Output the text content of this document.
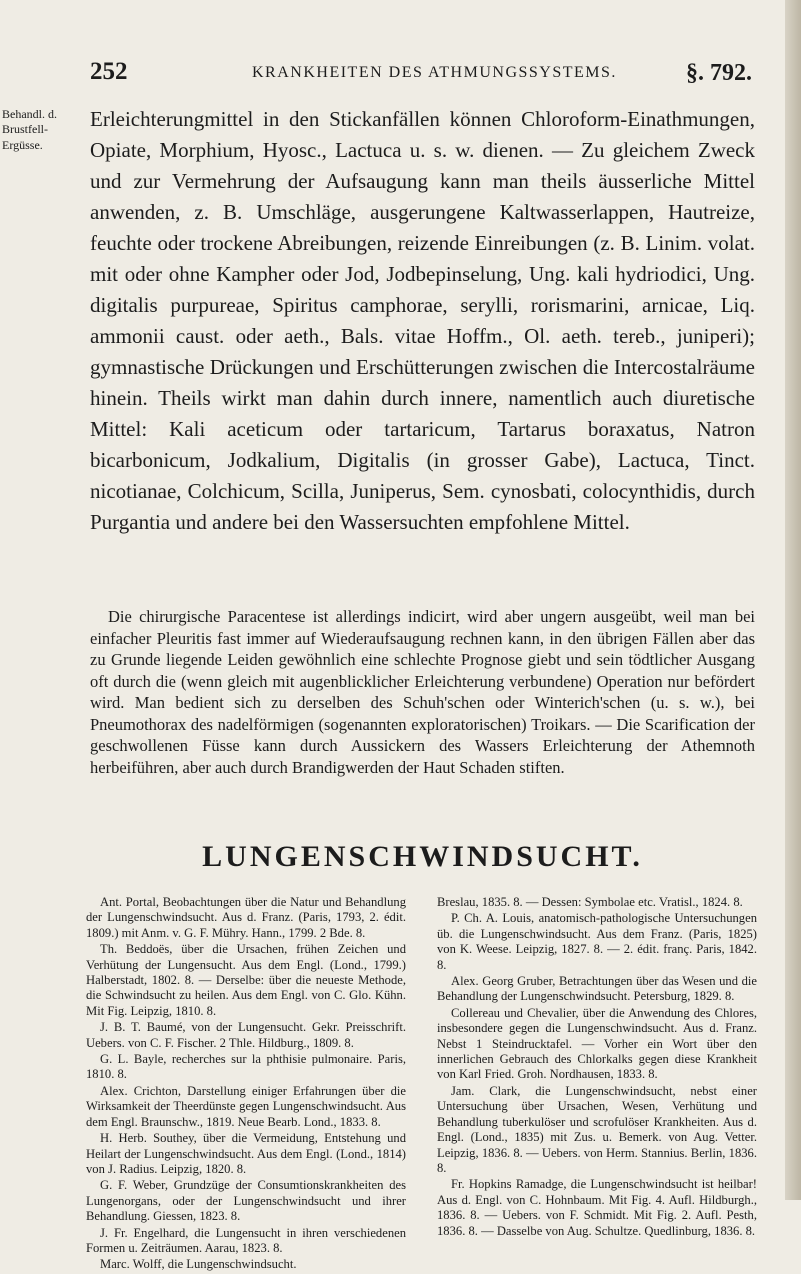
252	KRANKHEITEN DES ATHMUNGSSYSTEMS.	§. 792.
Behandl. d. Brustfell-
Ergüsse.

Erleichterungmittel in den Stickanfällen können Chloroform-Einathmungen, Opiate, Morphium, Hyosc., Lactuca u. s. w. dienen. — Zu gleichem Zweck und zur Vermehrung der Aufsaugung kann man theils äusserliche Mittel anwenden, z. B. Umschläge, ausgerungene Kaltwasserlappen, Hautreize, feuchte oder trockene Abreibungen, reizende Einreibungen (z. B. Linim. volat. mit oder ohne Kampher oder Jod, Jodbepinselung, Ung. kali hydriodici, Ung. digitalis purpureae, Spiritus camphorae, serylli, rorismarini, arnicae, Liq. ammonii caust. oder aeth., Bals. vitae Hoffm., Ol. aeth. tereb., juniperi); gymnastische Drückungen und Erschütterungen zwischen die Intercostalräume hinein. Theils wirkt man dahin durch innere, namentlich auch diuretische Mittel: Kali aceticum oder tartaricum, Tartarus boraxatus, Natron bicarbonicum, Jodkalium, Digitalis (in grosser Gabe), Lactuca, Tinct. nicotianae, Colchicum, Scilla, Juniperus, Sem. cynosbati, colocynthidis, durch Purgantia und andere bei den Wassersuchten empfohlene Mittel.

Die chirurgische Paracentese ist allerdings indicirt, wird aber ungern ausgeübt, weil man bei einfacher Pleuritis fast immer auf Wiederaufsaugung rechnen kann, in den übrigen Fällen aber das zu Grunde liegende Leiden gewöhnlich eine schlechte Prognose giebt und sein tödtlicher Ausgang oft durch die (wenn gleich mit augenblicklicher Erleichterung verbundene) Operation nur befördert wird. Man bedient sich zu derselben des Schuh'schen oder Winterich'schen (u. s. w.), bei Pneumothorax des nadelförmigen (sogenannten exploratorischen) Troikars. — Die Scarification der geschwollenen Füsse kann durch Aussickern des Wassers Erleichterung der Athemnoth herbeiführen, aber auch durch Brandigwerden der Haut Schaden stiften.

LUNGENSCHWINDSUCHT.

Ant. Portal, Beobachtungen über die Natur und Behandlung der Lungenschwindsucht. Aus d. Franz. (Paris, 1793, 2. édit. 1809.) mit Anm. v. G. F. Mühry. Hann., 1799. 2 Bde. 8.

Th. Beddoës, über die Ursachen, frühen Zeichen und Verhütung der Lungensucht. Aus dem Engl. (Lond., 1799.) Halberstadt, 1802. 8. — Derselbe: über die neueste Methode, die Schwindsucht zu heilen. Aus dem Engl. von C. Glo. Kühn. Mit Fig. Leipzig, 1810. 8.

J. B. T. Baumé, von der Lungensucht. Gekr. Preisschrift. Uebers. von C. F. Fischer. 2 Thle. Hildburg., 1809. 8.

G. L. Bayle, recherches sur la phthisie pulmonaire. Paris, 1810. 8.

Alex. Crichton, Darstellung einiger Erfahrungen über die Wirksamkeit der Theerdünste gegen Lungenschwindsucht. Aus dem Engl. Braunschw., 1819. Neue Bearb. Lond., 1833. 8.

H. Herb. Southey, über die Vermeidung, Entstehung und Heilart der Lungenschwindsucht. Aus dem Engl. (Lond., 1814) von J. Radius. Leipzig, 1820. 8.

G. F. Weber, Grundzüge der Consumtionskrankheiten des Lungenorgans, oder der Lungenschwindsucht und ihrer Behandlung. Giessen, 1823. 8.

J. Fr. Engelhard, die Lungensucht in ihren verschiedenen Formen u. Zeiträumen. Aarau, 1823. 8.

Marc. Wolff, die Lungenschwindsucht.

Breslau, 1835. 8. — Dessen: Symbolae etc. Vratisl., 1824. 8.

P. Ch. A. Louis, anatomisch-pathologische Untersuchungen üb. die Lungenschwindsucht. Aus dem Franz. (Paris, 1825) von K. Weese. Leipzig, 1827. 8. — 2. édit. franç. Paris, 1842. 8.

Alex. Georg Gruber, Betrachtungen über das Wesen und die Behandlung der Lungenschwindsucht. Petersburg, 1829. 8.

Collereau und Chevalier, über die Anwendung des Chlores, insbesondere gegen die Lungenschwindsucht. Aus d. Franz. Nebst 1 Steindrucktafel. — Vorher ein Wort über den innerlichen Gebrauch des Chlorkalks gegen diese Krankheit von Karl Fried. Groh. Nordhausen, 1833. 8.

Jam. Clark, die Lungenschwindsucht, nebst einer Untersuchung über Ursachen, Wesen, Verhütung und Behandlung tuberkulöser und scrofulöser Krankheiten. Aus d. Engl. (Lond., 1835) mit Zus. u. Bemerk. von Aug. Vetter. Leipzig, 1836. 8. — Uebers. von Herm. Stannius. Berlin, 1836. 8.

Fr. Hopkins Ramadge, die Lungenschwindsucht ist heilbar! Aus d. Engl. von C. Hohnbaum. Mit Fig. 4. Aufl. Hildburgh., 1836. 8. — Uebers. von F. Schmidt. Mit Fig. 2. Aufl. Pesth, 1836. 8. — Dasselbe von Aug. Schultze. Quedlinburg, 1836. 8.
